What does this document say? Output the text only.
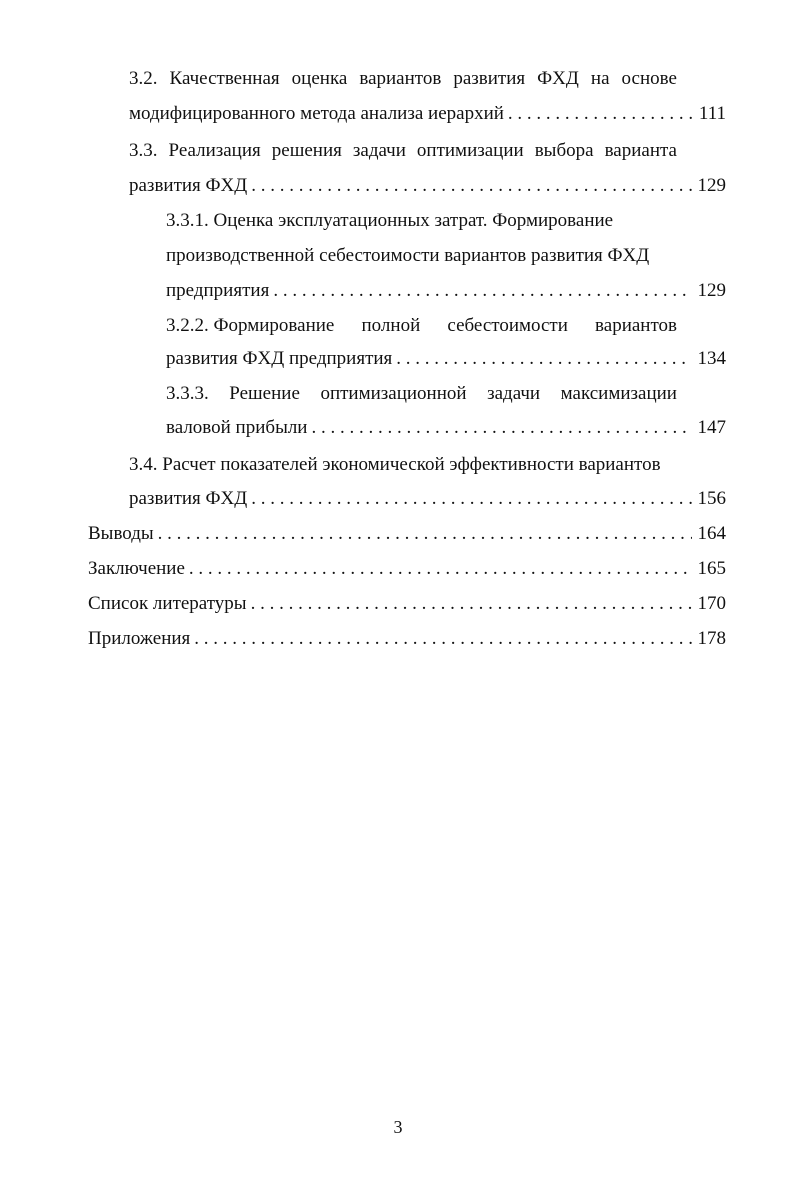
3.2. Качественная оценка вариантов развития ФХД на основе
модифицированного метода анализа иерархий . . .	111
3.3. Реализация решения задачи оптимизации выбора варианта
развития ФХД . . .	129
3.3.1. Оценка эксплуатационных затрат. Формирование
производственной себестоимости вариантов развития ФХД
предприятия . . .	129
3.2.2. Формирование полной себестоимости вариантов
развития ФХД предприятия . . .	134
3.3.3. Решение оптимизационной задачи максимизации
валовой прибыли . . .	147
3.4. Расчет показателей экономической эффективности вариантов
развития ФХД . . .	156
Выводы . . .	164
Заключение . . .	165
Список литературы . . .	170
Приложения . . .	178
3
